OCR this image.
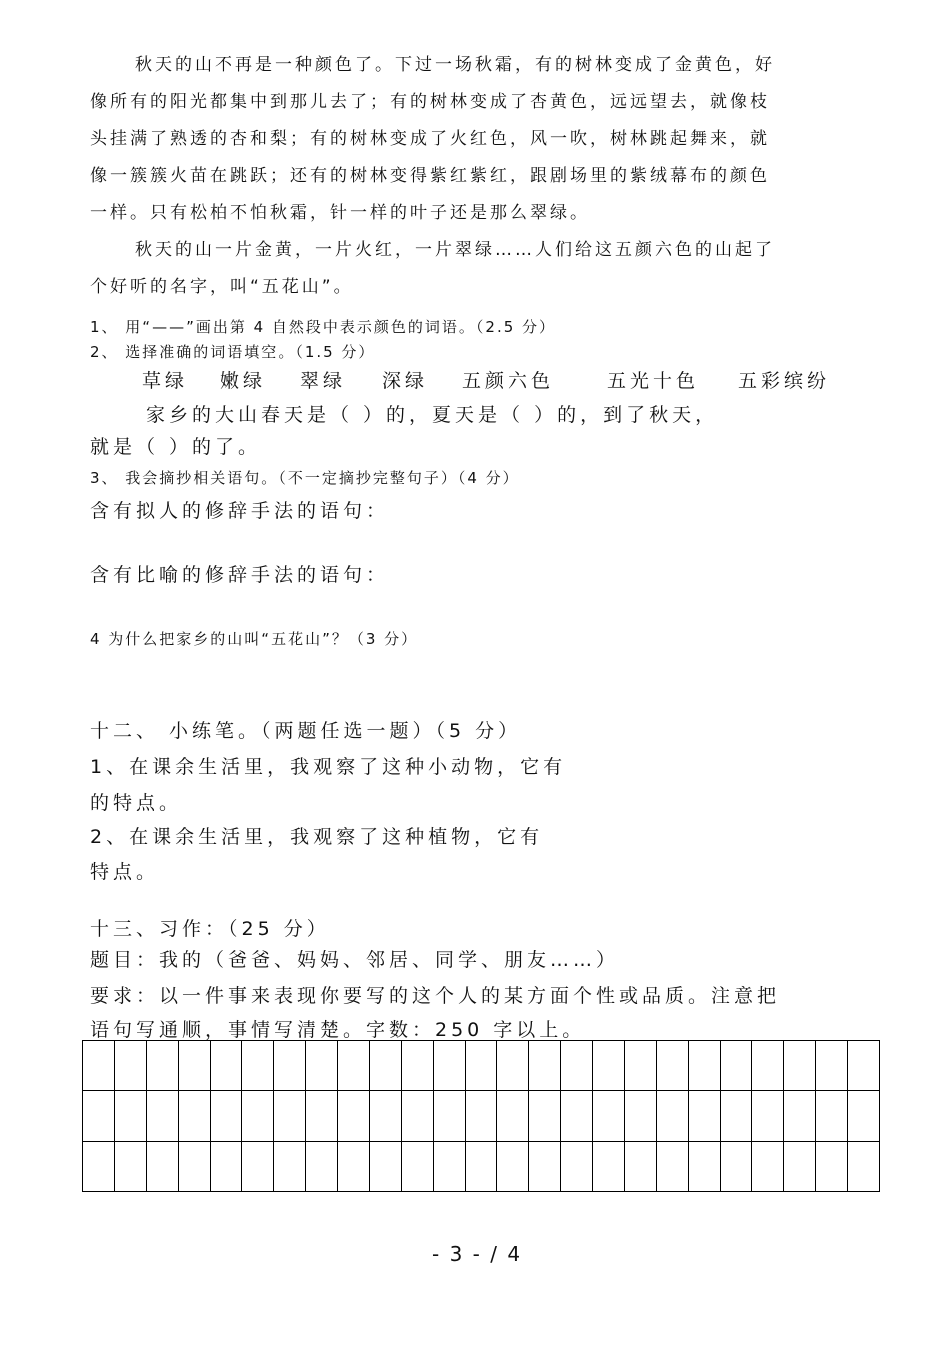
秋天的山不再是一种颜色了。下过一场秋霜，有的树林变成了金黄色，好
像所有的阳光都集中到那儿去了；有的树林变成了杏黄色，远远望去，就像枝
头挂满了熟透的杏和梨；有的树林变成了火红色，风一吹，树林跳起舞来，就
像一簇簇火苗在跳跃；还有的树林变得紫红紫红，跟剧场里的紫绒幕布的颜色
一样。只有松柏不怕秋霜，针一样的叶子还是那么翠绿。
秋天的山一片金黄，一片火红，一片翠绿……人们给这五颜六色的山起了
个好听的名字，叫“五花山”。
1、 用“——”画出第 4 自然段中表示颜色的词语。（2.5 分）
2、 选择准确的词语填空。（1.5 分）
草绿 嫩绿 翠绿 深绿 五颜六色	五光十色 五彩缤纷
家乡的大山春天是（ ）的，夏天是（ ）的，到了秋天，
就是（ ）的了。
3、 我会摘抄相关语句。（不一定摘抄完整句子）（4 分）
含有拟人的修辞手法的语句：
含有比喻的修辞手法的语句：
4 为什么把家乡的山叫“五花山”？（3 分）
十二、 小练笔。（两题任选一题）（5 分）
1、在课余生活里，我观察了这种小动物，它有
的特点。
2、在课余生活里，我观察了这种植物，它有
特点。
十三、习作：（25 分）
题目：我的（爸爸、妈妈、邻居、同学、朋友……）
要求：以一件事来表现你要写的这个人的某方面个性或品质。注意把
语句写通顺，事情写清楚。字数：250 字以上。
- 3 - / 4
